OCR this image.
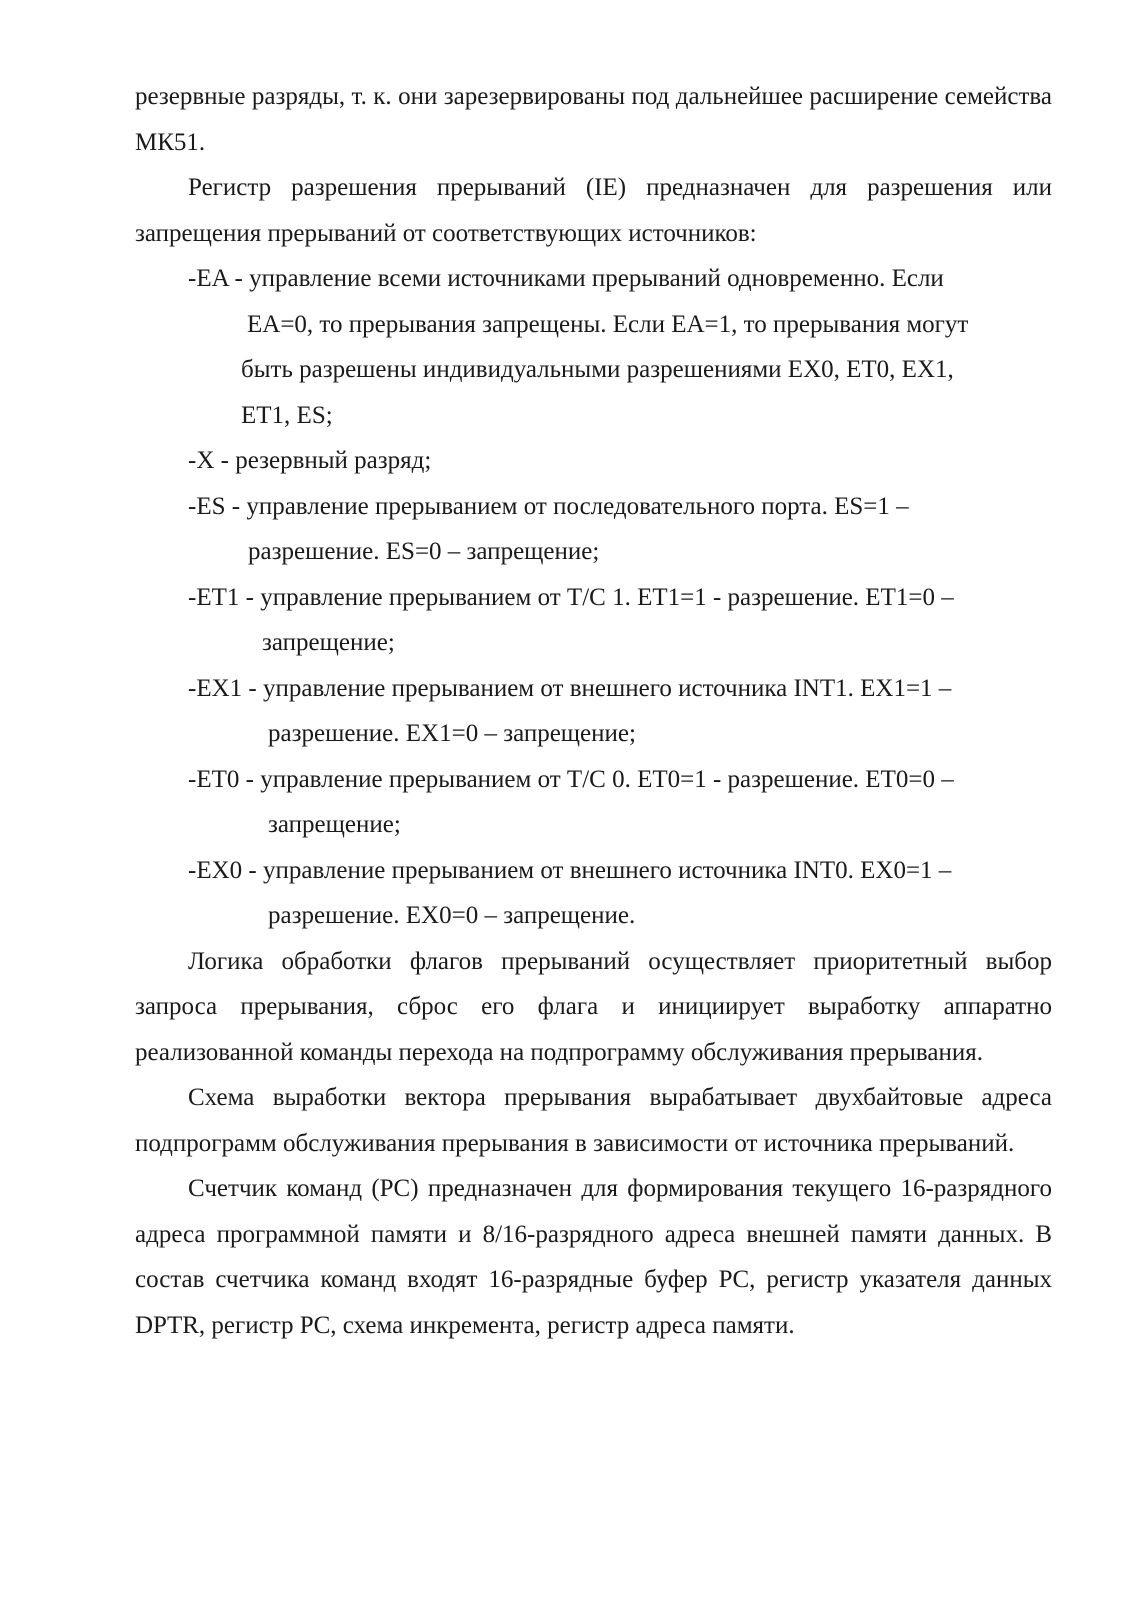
резервные разряды, т. к. они зарезервированы под дальнейшее расширение семейства МК51.

Регистр разрешения прерываний (IE) предназначен для разрешения или запрещения прерываний от соответствующих источников:

-EA - управление всеми источниками прерываний одновременно. Если
EA=0, то прерывания запрещены. Если EA=1, то прерывания могут
быть разрешены индивидуальными разрешениями EX0, ET0, EX1,
ET1, ES;
-X - резервный разряд;
-ES - управление прерыванием от последовательного порта. ES=1 –
разрешение. ES=0 – запрещение;
-ET1 - управление прерыванием от T/C 1. ET1=1 - разрешение. ET1=0 –
запрещение;
-EX1 - управление прерыванием от внешнего источника INT1. EX1=1 –
разрешение. EX1=0 – запрещение;
-ET0 - управление прерыванием от T/C 0. ET0=1 - разрешение. ET0=0 –
запрещение;
-EX0 - управление прерыванием от внешнего источника INT0. EX0=1 –
разрешение. EX0=0 – запрещение.

Логика обработки флагов прерываний осуществляет приоритетный выбор запроса прерывания, сброс его флага и инициирует выработку аппаратно реализованной команды перехода на подпрограмму обслуживания прерывания.

Схема выработки вектора прерывания вырабатывает двухбайтовые адреса подпрограмм обслуживания прерывания в зависимости от источника прерываний.

Счетчик команд (PC) предназначен для формирования текущего 16-разрядного адреса программной памяти и 8/16-разрядного адреса внешней памяти данных. В состав счетчика команд входят 16-разрядные буфер PC, регистр указателя данных DPTR, регистр PC, схема инкремента, регистр адреса памяти.
